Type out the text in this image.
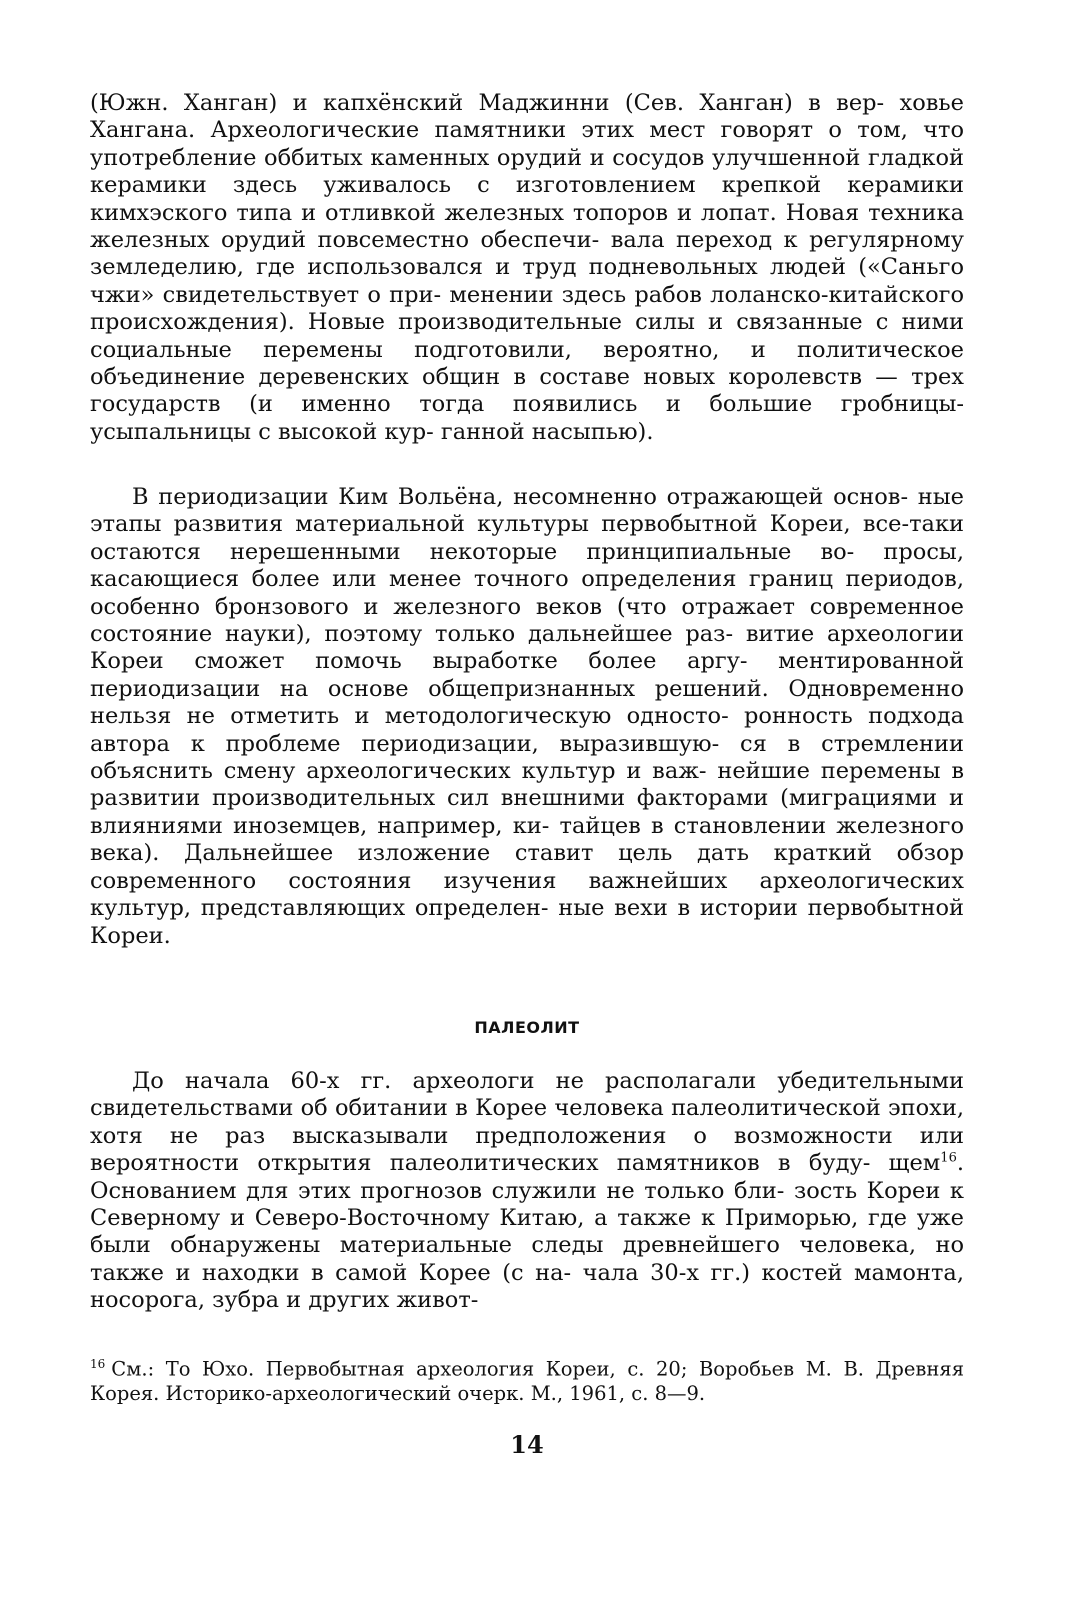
(Южн. Ханган) и капхёнский Маджинни (Сев. Ханган) в вер- ховье Хангана. Археологические памятники этих мест говорят о том, что употребление оббитых каменных орудий и сосудов улучшенной гладкой керамики здесь уживалось с изготовлением крепкой керамики кимхэского типа и отливкой железных топоров и лопат. Новая техника железных орудий повсеместно обеспечи- вала переход к регулярному земледелию, где использовался и труд подневольных людей («Саньго чжи» свидетельствует о при- менении здесь рабов лоланско-китайского происхождения). Новые производительные силы и связанные с ними социальные перемены подготовили, вероятно, и политическое объединение деревенских общин в составе новых королевств — трех государств (и именно тогда появились и большие гробницы-усыпальницы с высокой кур- ганной насыпью).

В периодизации Ким Вольёна, несомненно отражающей основ- ные этапы развития материальной культуры первобытной Кореи, все-таки остаются нерешенными некоторые принципиальные во- просы, касающиеся более или менее точного определения границ периодов, особенно бронзового и железного веков (что отражает современное состояние науки), поэтому только дальнейшее раз- витие археологии Кореи сможет помочь выработке более аргу- ментированной периодизации на основе общепризнанных решений. Одновременно нельзя не отметить и методологическую односто- ронность подхода автора к проблеме периодизации, выразившую- ся в стремлении объяснить смену археологических культур и важ- нейшие перемены в развитии производительных сил внешними факторами (миграциями и влияниями иноземцев, например, ки- тайцев в становлении железного века). Дальнейшее изложение ставит цель дать краткий обзор современного состояния изучения важнейших археологических культур, представляющих определен- ные вехи в истории первобытной Кореи.

ПАЛЕОЛИТ

До начала 60-х гг. археологи не располагали убедительными свидетельствами об обитании в Корее человека палеолитической эпохи, хотя не раз высказывали предположения о возможности или вероятности открытия палеолитических памятников в буду- щем$^{16}$. Основанием для этих прогнозов служили не только бли- зость Кореи к Северному и Северо-Восточному Китаю, а также к Приморью, где уже были обнаружены материальные следы древнейшего человека, но также и находки в самой Корее (с на- чала 30-х гг.) костей мамонта, носорога, зубра и других живот-

$^{16}$ См.: То Юхо. Первобытная археология Кореи, с. 20; Воробьев М. В. Древняя Корея. Историко-археологический очерк. М., 1961, с. 8—9.
14
